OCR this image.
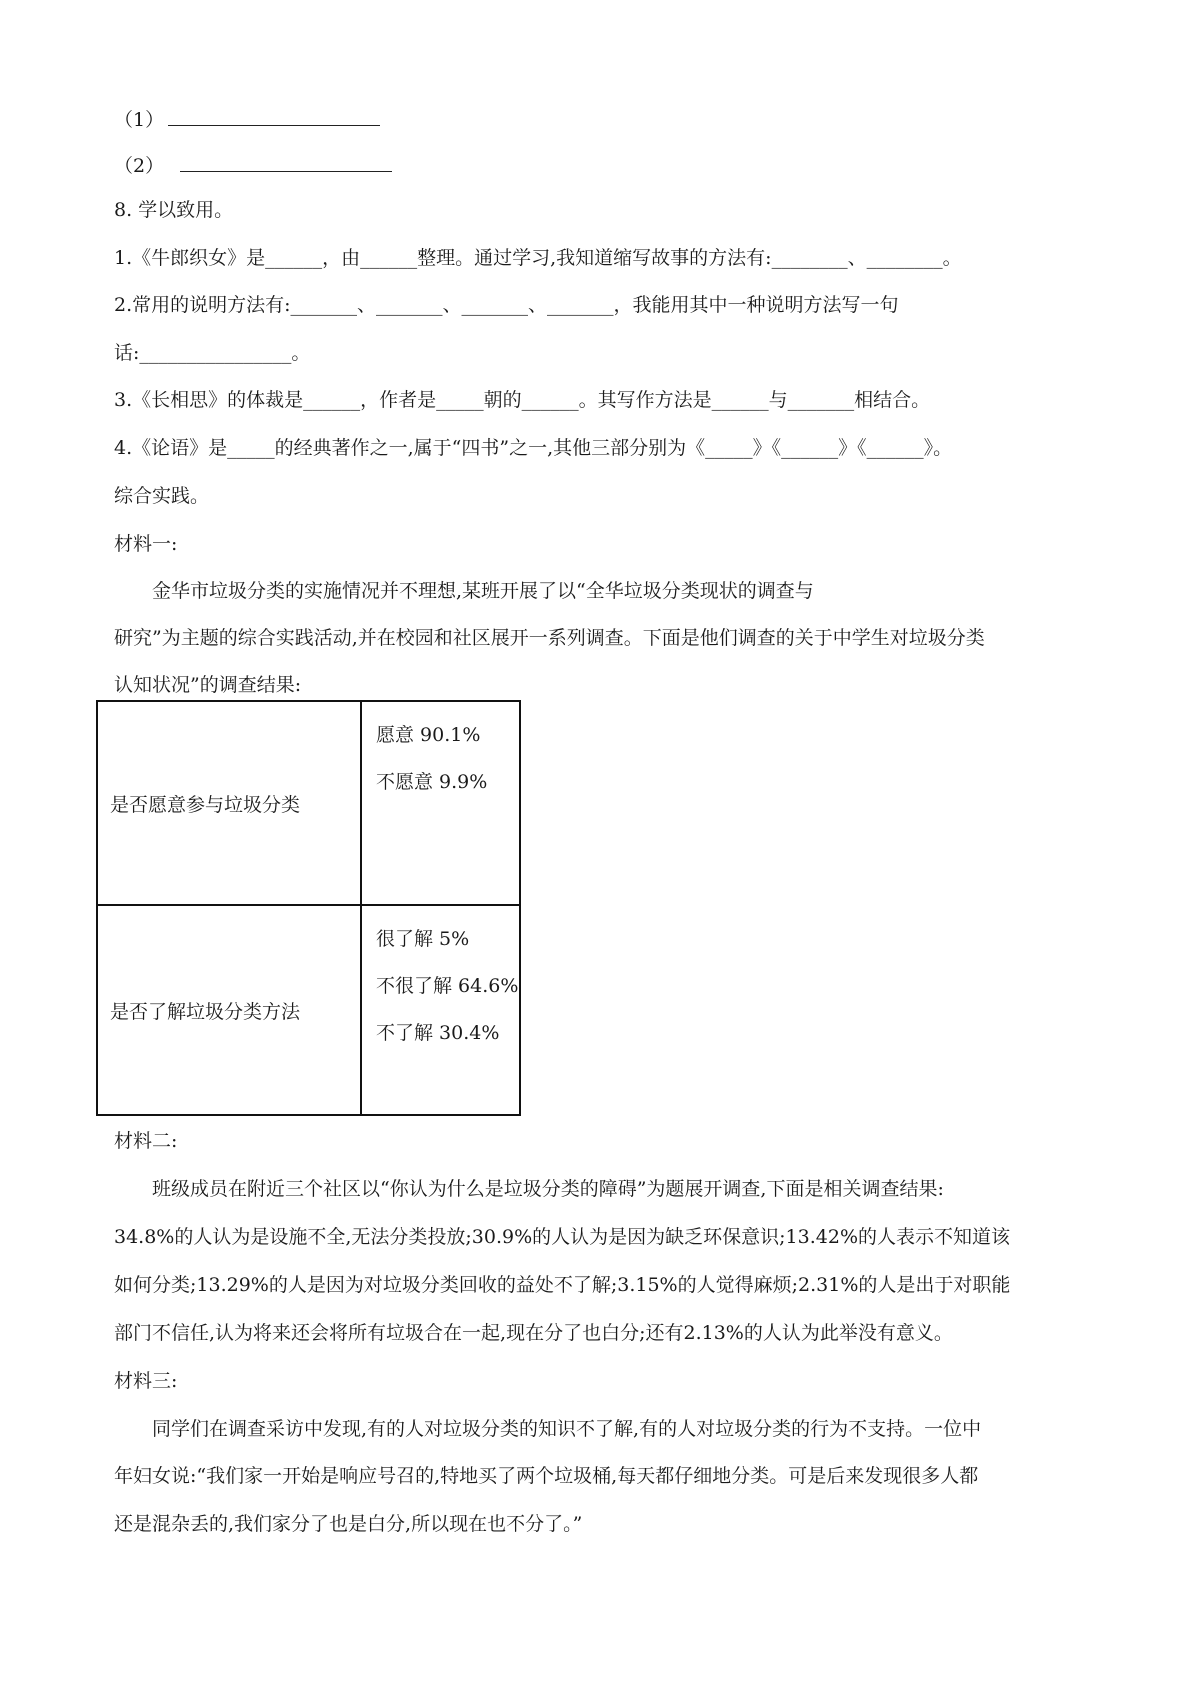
（1）
（2）
8. 学以致用。
1.《牛郎织女》是______，由______整理。通过学习,我知道缩写故事的方法有:________、________。
2.常用的说明方法有:_______、_______、_______、_______，我能用其中一种说明方法写一句
话:________________。
3.《长相思》的体裁是______，作者是_____朝的______。其写作方法是______与_______相结合。
4.《论语》是_____的经典著作之一,属于“四书”之一,其他三部分别为《_____》《______》《______》。
综合实践。
材料一:
金华市垃圾分类的实施情况并不理想,某班开展了以“全华垃圾分类现状的调查与
研究”为主题的综合实践活动,并在校园和社区展开一系列调查。下面是他们调查的关于中学生对垃圾分类
认知状况”的调查结果:
是否愿意参与垃圾分类	愿意 90.1%
不愿意 9.9%

是否了解垃圾分类方法	很了解 5%
不很了解 64.6%
不了解 30.4%
材料二:
班级成员在附近三个社区以“你认为什么是垃圾分类的障碍”为题展开调查,下面是相关调查结果:
34.8%的人认为是设施不全,无法分类投放;30.9%的人认为是因为缺乏环保意识;13.42%的人表示不知道该
如何分类;13.29%的人是因为对垃圾分类回收的益处不了解;3.15%的人觉得麻烦;2.31%的人是出于对职能
部门不信任,认为将来还会将所有垃圾合在一起,现在分了也白分;还有2.13%的人认为此举没有意义。
材料三:
同学们在调查采访中发现,有的人对垃圾分类的知识不了解,有的人对垃圾分类的行为不支持。一位中
年妇女说:“我们家一开始是响应号召的,特地买了两个垃圾桶,每天都仔细地分类。可是后来发现很多人都
还是混杂丢的,我们家分了也是白分,所以现在也不分了。”
